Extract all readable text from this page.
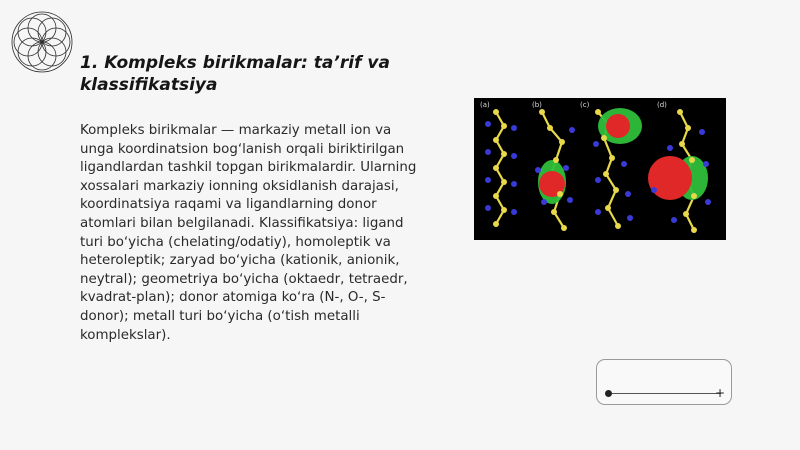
1. Kompleks birikmalar: ta’rif va klassifikatsiya

Kompleks birikmalar — markaziy metall ion va unga koordinatsion bogʻlanish orqali biriktirilgan ligandlardan tashkil topgan birikmalardir. Ularning xossalari markaziy ionning oksidlanish darajasi, koordinatsiya raqami va ligandlarning donor atomlari bilan belgilanadi. Klassifikatsiya: ligand turi boʻyicha (chelating/odatiy), homoleptik va heteroleptik; zaryad boʻyicha (kationik, anionik, neytral); geometriya boʻyicha (oktaedr, tetraedr, kvadrat-plan); donor atomiga koʻra (N-, O-, S-donor); metall turi boʻyicha (oʻtish metalli komplekslar).

(a)	(b)	(c)	(d)
+
